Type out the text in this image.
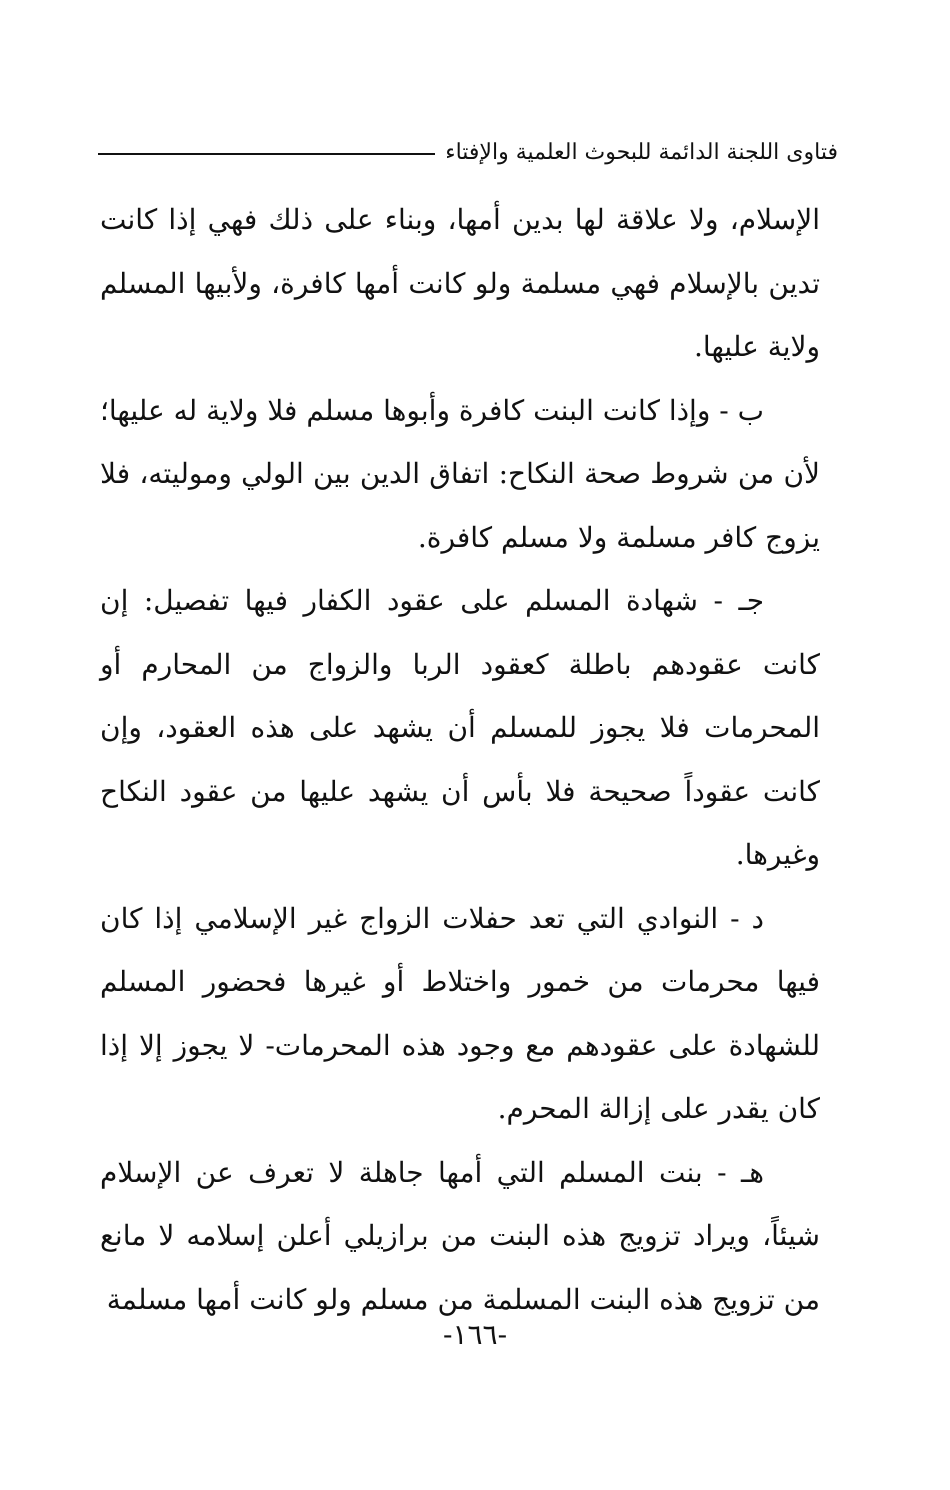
فتاوى اللجنة الدائمة للبحوث العلمية والإفتاء

الإسلام، ولا علاقة لها بدين أمها، وبناء على ذلك فهي إذا كانت تدين بالإسلام فهي مسلمة ولو كانت أمها كافرة، ولأبيها المسلم ولاية عليها.

ب - وإذا كانت البنت كافرة وأبوها مسلم فلا ولاية له عليها؛ لأن من شروط صحة النكاح: اتفاق الدين بين الولي ومولیته، فلا يزوج كافر مسلمة ولا مسلم كافرة.

جـ - شهادة المسلم على عقود الكفار فيها تفصيل: إن كانت عقودهم باطلة كعقود الربا والزواج من المحارم أو المحرمات فلا يجوز للمسلم أن يشهد على هذه العقود، وإن كانت عقوداً صحيحة فلا بأس أن يشهد عليها من عقود النكاح وغيرها.

د - النوادي التي تعد حفلات الزواج غير الإسلامي إذا كان فيها محرمات من خمور واختلاط أو غيرها فحضور المسلم للشهادة على عقودهم مع وجود هذه المحرمات- لا يجوز إلا إذا كان يقدر على إزالة المحرم.

هـ - بنت المسلم التي أمها جاهلة لا تعرف عن الإسلام شيئاً، ويراد تزويج هذه البنت من برازيلي أعلن إسلامه لا مانع من تزويج هذه البنت المسلمة من مسلم ولو كانت أمها مسلمة

-١٦٦-
